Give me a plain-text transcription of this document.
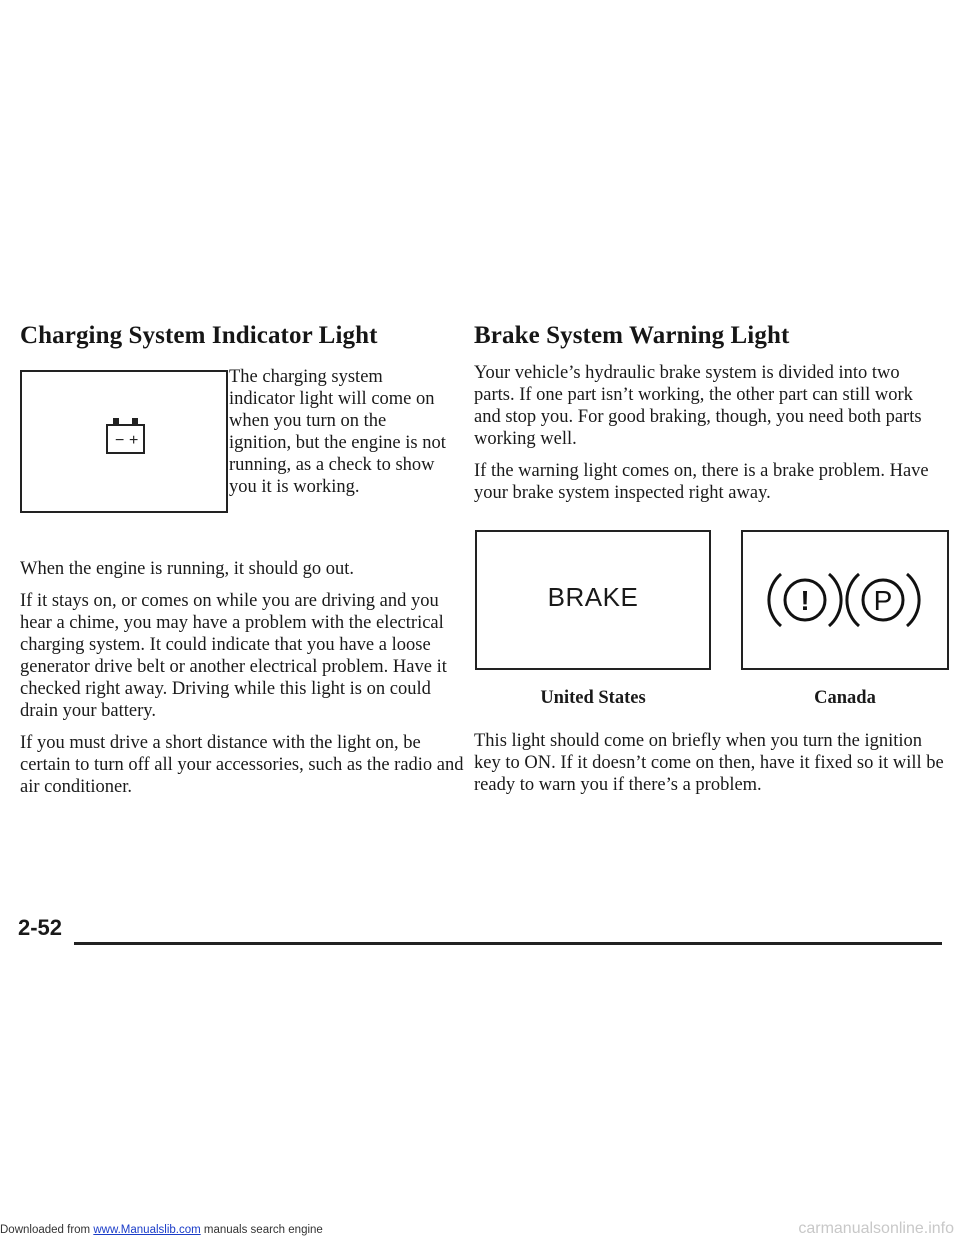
Charging System Indicator Light
− +

The charging system indicator light will come on when you turn on the ignition, but the engine is not running, as a check to show you it is working.

When the engine is running, it should go out.

If it stays on, or comes on while you are driving and you hear a chime, you may have a problem with the electrical charging system. It could indicate that you have a loose generator drive belt or another electrical problem. Have it checked right away. Driving while this light is on could drain your battery.

If you must drive a short distance with the light on, be certain to turn off all your accessories, such as the radio and air conditioner.

Brake System Warning Light

Your vehicle’s hydraulic brake system is divided into two parts. If one part isn’t working, the other part can still work and stop you. For good braking, though, you need both parts working well.

If the warning light comes on, there is a brake problem. Have your brake system inspected right away.

BRAKE	! P
United States	Canada

This light should come on briefly when you turn the ignition key to ON. If it doesn’t come on then, have it fixed so it will be ready to warn you if there’s a problem.

2-52
Downloaded from www.Manualslib.com manuals search engine	carmanualsonline.info
